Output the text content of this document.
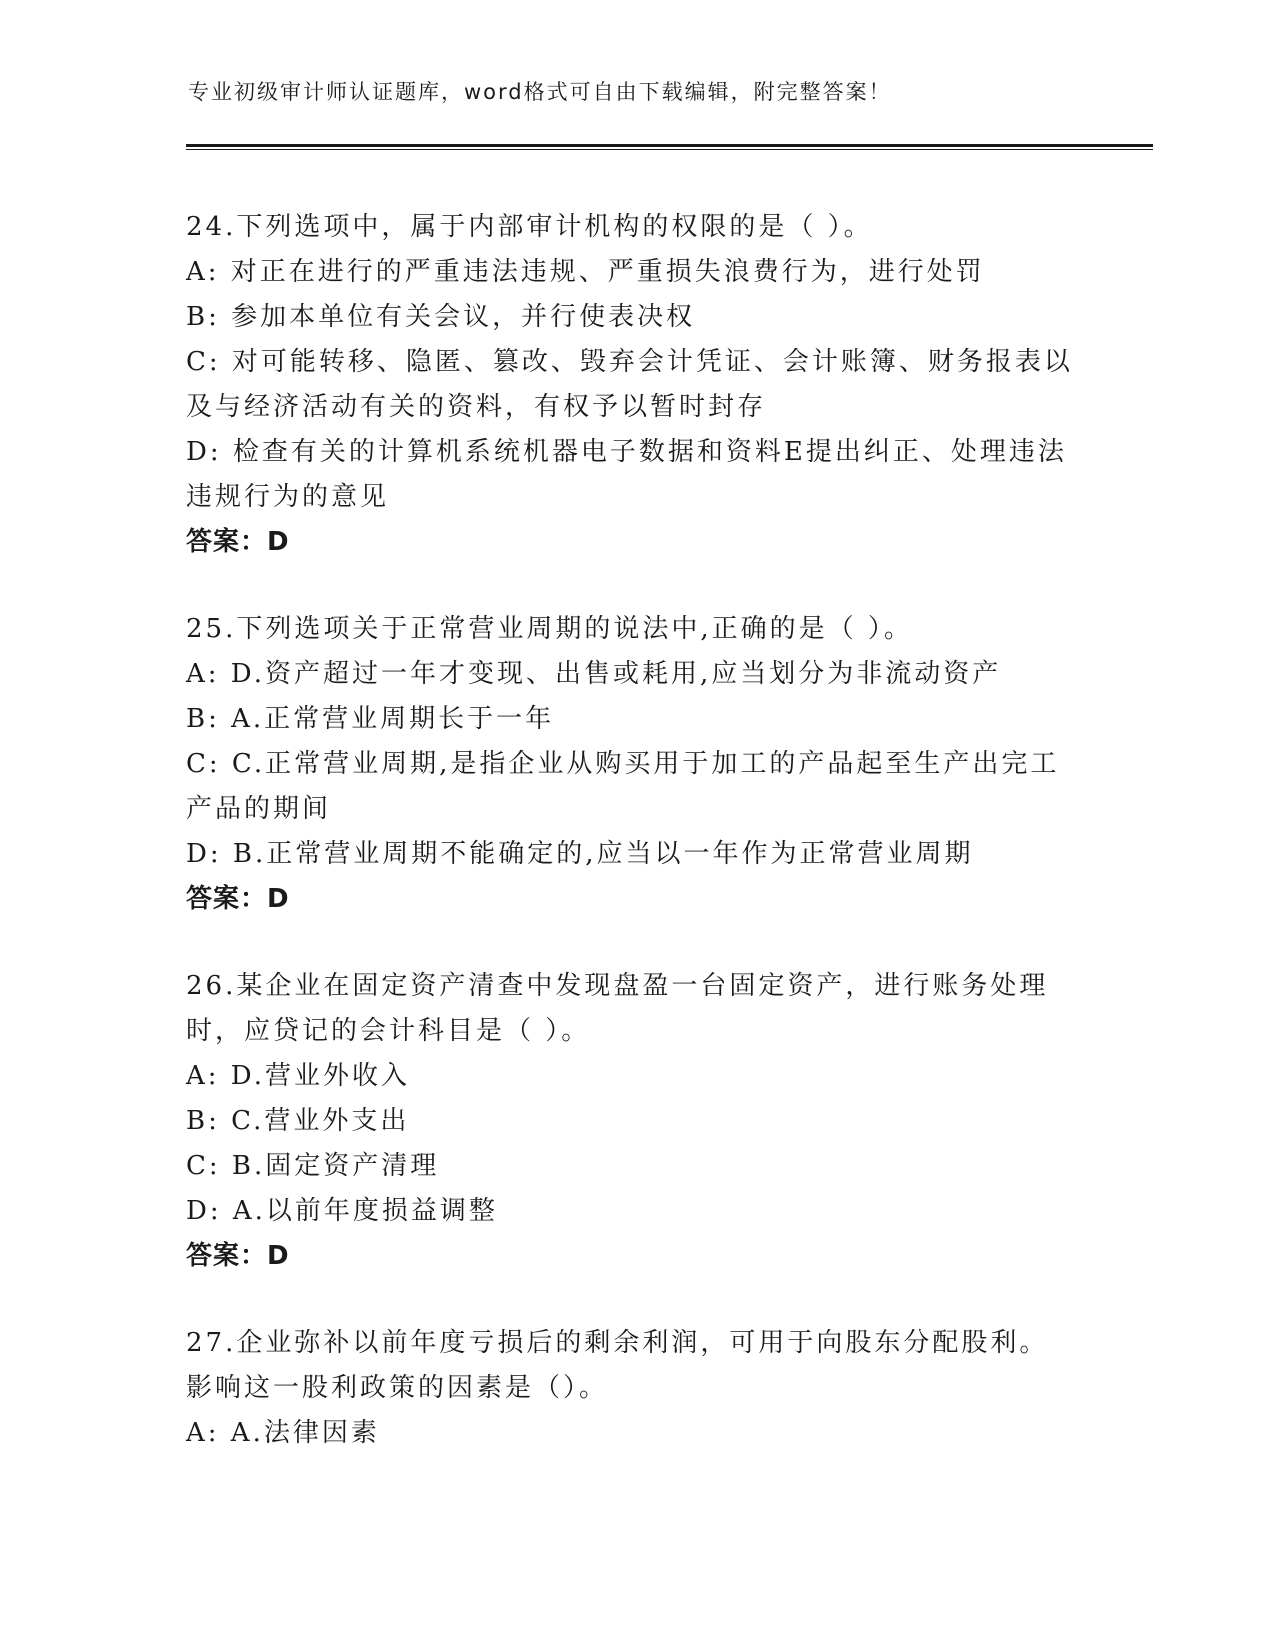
专业初级审计师认证题库，word格式可自由下载编辑，附完整答案！
24.下列选项中，属于内部审计机构的权限的是（ ）。
A: 对正在进行的严重违法违规、严重损失浪费行为，进行处罚
B: 参加本单位有关会议，并行使表决权
C: 对可能转移、隐匿、篡改、毁弃会计凭证、会计账簿、财务报表以及与经济活动有关的资料，有权予以暂时封存
D: 检查有关的计算机系统机器电子数据和资料E提出纠正、处理违法违规行为的意见
答案：D
25.下列选项关于正常营业周期的说法中,正确的是（ ）。
A: D.资产超过一年才变现、出售或耗用,应当划分为非流动资产
B: A.正常营业周期长于一年
C: C.正常营业周期,是指企业从购买用于加工的产品起至生产出完工产品的期间
D: B.正常营业周期不能确定的,应当以一年作为正常营业周期
答案：D
26.某企业在固定资产清查中发现盘盈一台固定资产，进行账务处理时，应贷记的会计科目是（ ）。
A: D.营业外收入
B: C.营业外支出
C: B.固定资产清理
D: A.以前年度损益调整
答案：D
27.企业弥补以前年度亏损后的剩余利润，可用于向股东分配股利。影响这一股利政策的因素是（）。
A: A.法律因素
